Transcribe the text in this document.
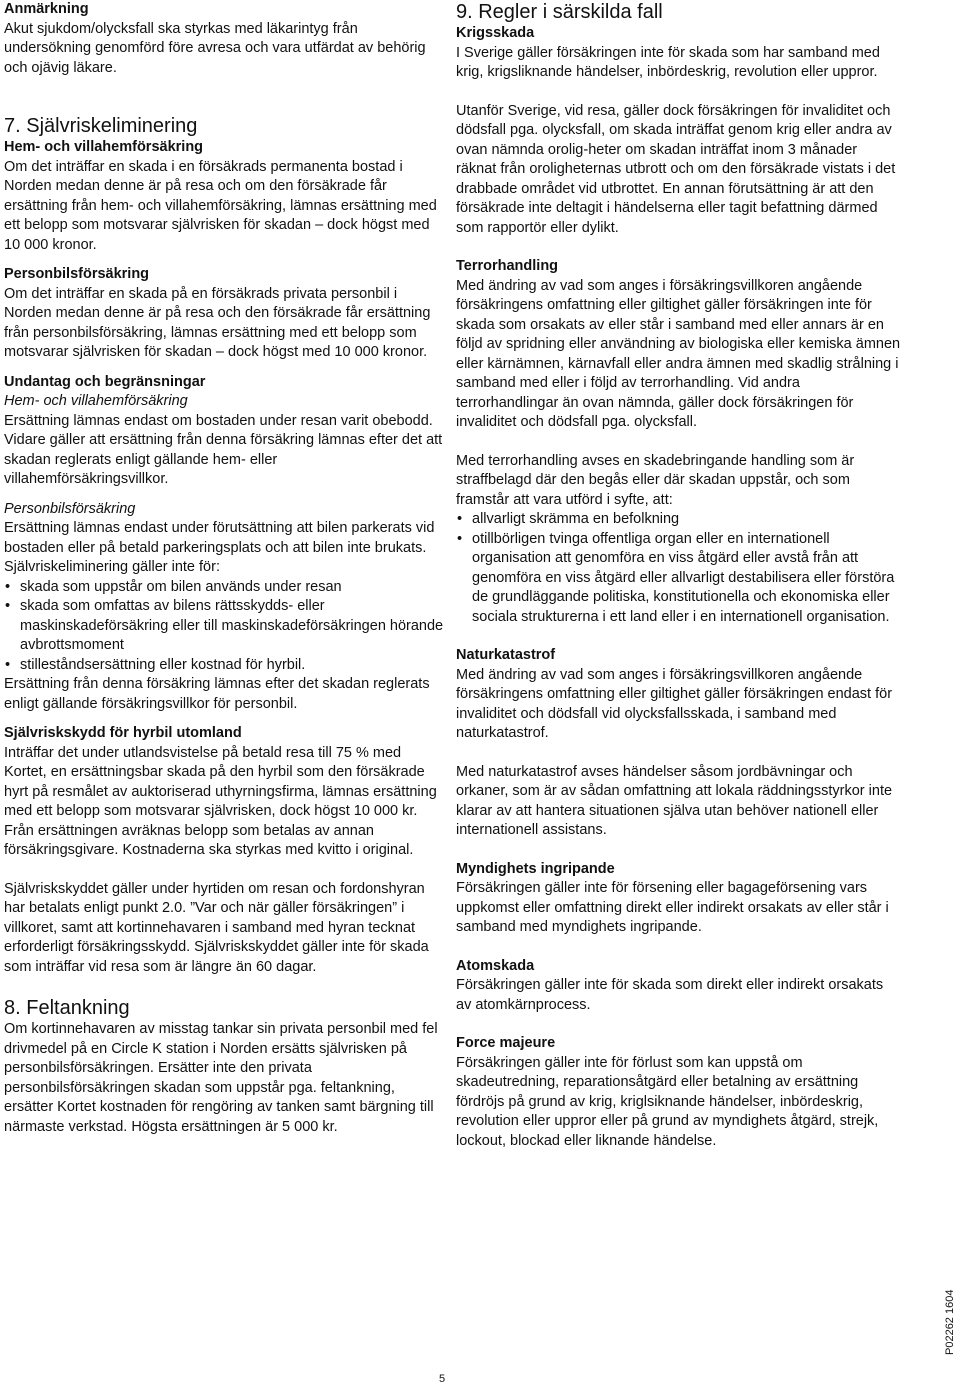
Anmärkning

Akut sjukdom/olycksfall ska styrkas med läkarintyg från undersökning genomförd före avresa och vara utfärdat av behörig och ojävig läkare.

7. Självriskeliminering

Hem- och villahemförsäkring

Om det inträffar en skada i en försäkrads permanenta bostad i Norden medan denne är på resa och om den försäkrade får ersättning från hem- och villahemförsäkring, lämnas ersättning med ett belopp som motsvarar självrisken för skadan – dock högst med 10 000 kronor.

Personbilsförsäkring

Om det inträffar en skada på en försäkrads privata personbil i Norden medan denne är på resa och den försäkrade får ersättning från personbilsförsäkring, lämnas ersättning med ett belopp som motsvarar självrisken för skadan – dock högst med 10 000 kronor.

Undantag och begränsningar

Hem- och villahemförsäkring

Ersättning lämnas endast om bostaden under resan varit obebodd. Vidare gäller att ersättning från denna försäkring lämnas efter det att skadan reglerats enligt gällande hem- eller villahemförsäkringsvillkor.

Personbilsförsäkring

Ersättning lämnas endast under förutsättning att bilen parkerats vid bostaden eller på betald parkeringsplats och att bilen inte brukats. Självriskeliminering gäller inte för:

• skada som uppstår om bilen används under resan
• skada som omfattas av bilens rättsskydds- eller maskinskadeförsäkring eller till maskinskadeförsäkringen hörande avbrottsmoment
• stilleståndsersättning eller kostnad för hyrbil.

Ersättning från denna försäkring lämnas efter det skadan reglerats enligt gällande försäkringsvillkor för personbil.

Självriskskydd för hyrbil utomland

Inträffar det under utlandsvistelse på betald resa till 75 % med Kortet, en ersättningsbar skada på den hyrbil som den försäkrade hyrt på resmålet av auktoriserad uthyrningsfirma, lämnas ersättning med ett belopp som motsvarar självrisken, dock högst 10 000 kr. Från ersättningen avräknas belopp som betalas av annan försäkringsgivare. Kostnaderna ska styrkas med kvitto i original.

Självriskskyddet gäller under hyrtiden om resan och fordonshyran har betalats enligt punkt 2.0. ”Var och när gäller försäkringen” i villkoret, samt att kortinnehavaren i samband med hyran tecknat erforderligt försäkringsskydd. Självriskskyddet gäller inte för skada som inträffar vid resa som är längre än 60 dagar.

8. Feltankning

Om kortinnehavaren av misstag tankar sin privata personbil med fel drivmedel på en Circle K station i Norden ersätts självrisken på personbilsförsäkringen. Ersätter inte den privata personbilsförsäkringen skadan som uppstår pga. feltankning, ersätter Kortet kostnaden för rengöring av tanken samt bärgning till närmaste verkstad. Högsta ersättningen är 5 000 kr.

9. Regler i särskilda fall

Krigsskada

I Sverige gäller försäkringen inte för skada som har samband med krig, krigsliknande händelser, inbördeskrig, revolution eller uppror.

Utanför Sverige, vid resa, gäller dock försäkringen för invaliditet och dödsfall pga. olycksfall, om skada inträffat genom krig eller andra av ovan nämnda orolig-heter om skadan inträffat inom 3 månader räknat från oroligheternas utbrott och om den försäkrade vistats i det drabbade området vid utbrottet. En annan förutsättning är att den försäkrade inte deltagit i händelserna eller tagit befattning därmed som rapportör eller dylikt.

Terrorhandling

Med ändring av vad som anges i försäkringsvillkoren angående försäkringens omfattning eller giltighet gäller försäkringen inte för skada som orsakats av eller står i samband med eller annars är en följd av spridning eller användning av biologiska eller kemiska ämnen eller kärnämnen, kärnavfall eller andra ämnen med skadlig strålning i samband med eller i följd av terrorhandling. Vid andra terrorhandlingar än ovan nämnda, gäller dock försäkringen för invaliditet och dödsfall pga. olycksfall.

Med terrorhandling avses en skadebringande handling som är straffbelagd där den begås eller där skadan uppstår, och som framstår att vara utförd i syfte, att:

• allvarligt skrämma en befolkning
• otillbörligen tvinga offentliga organ eller en internationell organisation att genomföra en viss åtgärd eller avstå från att genomföra en viss åtgärd eller allvarligt destabilisera eller förstöra de grundläggande politiska, konstitutionella och ekonomiska eller sociala strukturerna i ett land eller i en internationell organisation.

Naturkatastrof

Med ändring av vad som anges i försäkringsvillkoren angående försäkringens omfattning eller giltighet gäller försäkringen endast för invaliditet och dödsfall vid olycksfallsskada, i samband med naturkatastrof.

Med naturkatastrof avses händelser såsom jordbävningar och orkaner, som är av sådan omfattning att lokala räddningsstyrkor inte klarar av att hantera situationen själva utan behöver nationell eller internationell assistans.

Myndighets ingripande

Försäkringen gäller inte för försening eller bagageförsening vars uppkomst eller omfattning direkt eller indirekt orsakats av eller står i samband med myndighets ingripande.

Atomskada

Försäkringen gäller inte för skada som direkt eller indirekt orsakats av atomkärnprocess.

Force majeure

Försäkringen gäller inte för förlust som kan uppstå om skadeutredning, reparationsåtgärd eller betalning av ersättning fördröjs på grund av krig, kriglsiknande händelser, inbördeskrig, revolution eller uppror eller på grund av myndighets åtgärd, strejk, lockout, blockad eller liknande händelse.

5
P02262 1604
